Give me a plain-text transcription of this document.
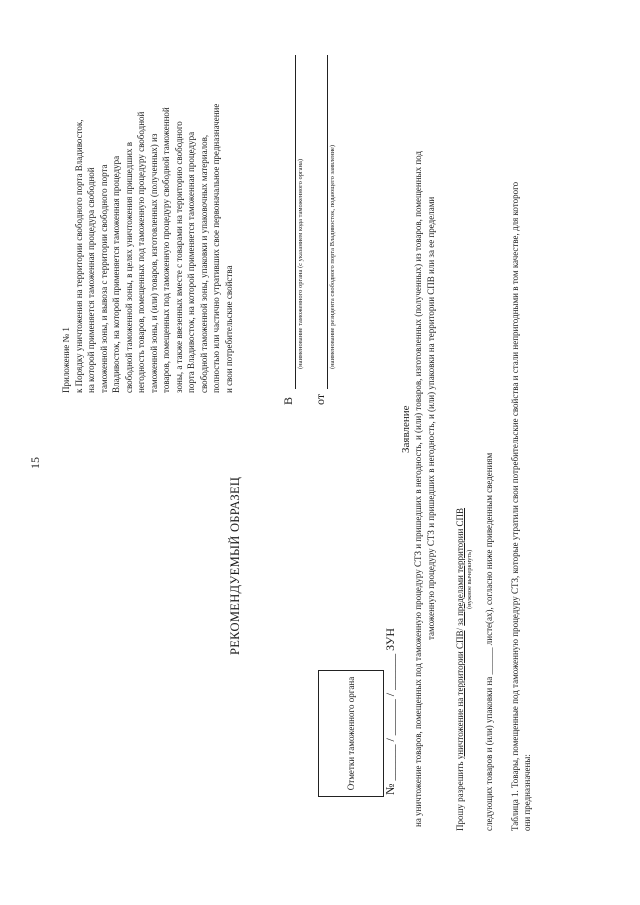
15
Приложение № 1 к Порядку уничтожения на территории свободного порта Владивосток, на которой применяется таможенная процедура свободной таможенной зоны, и вывоза с территории свободного порта Владивосток, на которой применяется таможенная процедура свободной таможенной зоны, в целях уничтожения пришедших в негодность товаров, помещенных под таможенную процедуру свободной таможенной зоны, и (или) товаров, изготовленных (полученных) из товаров, помещенных под таможенную процедуру свободной таможенной зоны, а также ввезенных вместе с товарами на территорию свободного порта Владивосток, на которой применяется таможенная процедура свободной таможенной зоны, упаковки и упаковочных материалов, полностью или частично утративших свое первоначальное предназначение и свои потребительские свойства
РЕКОМЕНДУЕМЫЙ ОБРАЗЕЦ
В
(наименование таможенного органа (с указанием кода таможенного органа)
от
(наименование резидента свободного порта Владивосток, подающего заявление)
Отметки таможенного органа № ______ / ______ / ______ ЗУН
Заявление на уничтожение товаров, помещенных под таможенную процедуру СТЗ и пришедших в негодность, и (или) товаров, изготовленных (полученных) из товаров, помещенных под таможенную процедуру СТЗ и пришедших в негодность, и (или) упаковки на территории СПВ или за ее пределами
Прошу разрешить уничтожение на территории СПВ/ за пределами территории СПВ (нужное вычеркнуть) следующих товаров и (или) упаковки на ______ листе(ах), согласно ниже приведенным сведениям Таблица 1. Товары, помещенные под таможенную процедуру СТЗ, которые утратили свои потребительские свойства и стали непригодными в том качестве, для которого они предназначены:
